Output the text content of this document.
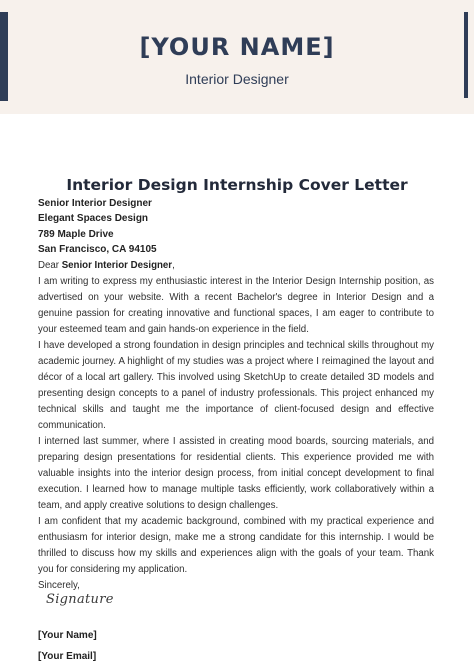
[YOUR NAME]
Interior Designer
Interior Design Internship Cover Letter
Senior Interior Designer
Elegant Spaces Design
789 Maple Drive
San Francisco, CA 94105

Dear Senior Interior Designer,

I am writing to express my enthusiastic interest in the Interior Design Internship position, as advertised on your website. With a recent Bachelor's degree in Interior Design and a genuine passion for creating innovative and functional spaces, I am eager to contribute to your esteemed team and gain hands-on experience in the field.

I have developed a strong foundation in design principles and technical skills throughout my academic journey. A highlight of my studies was a project where I reimagined the layout and décor of a local art gallery. This involved using SketchUp to create detailed 3D models and presenting design concepts to a panel of industry professionals. This project enhanced my technical skills and taught me the importance of client-focused design and effective communication.

I interned last summer, where I assisted in creating mood boards, sourcing materials, and preparing design presentations for residential clients. This experience provided me with valuable insights into the interior design process, from initial concept development to final execution. I learned how to manage multiple tasks efficiently, work collaboratively within a team, and apply creative solutions to design challenges.

I am confident that my academic background, combined with my practical experience and enthusiasm for interior design, make me a strong candidate for this internship. I would be thrilled to discuss how my skills and experiences align with the goals of your team. Thank you for considering my application.

Sincerely,

Signature
[Your Name]
[Your Email]
